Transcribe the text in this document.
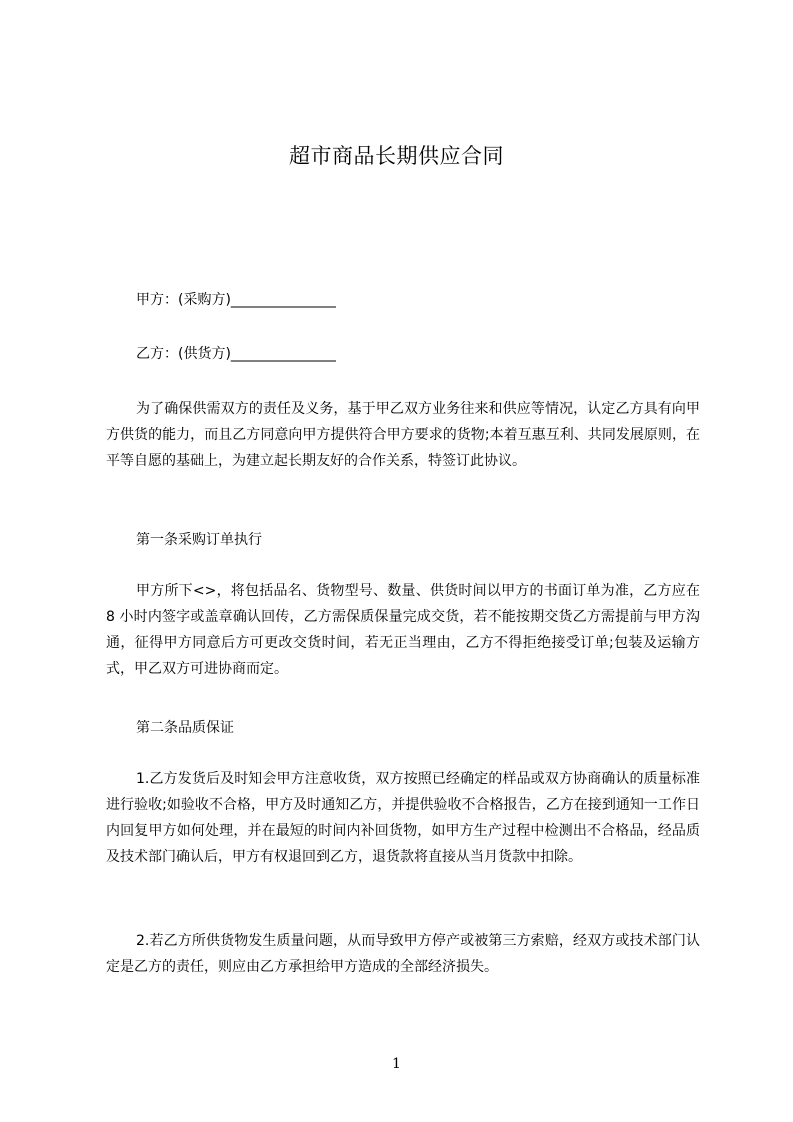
超市商品长期供应合同
甲方：(采购方)_______________
乙方：(供货方)_______________
为了确保供需双方的责任及义务，基于甲乙双方业务往来和供应等情况，认定乙方具有向甲方供货的能力，而且乙方同意向甲方提供符合甲方要求的货物;本着互惠互利、共同发展原则，在平等自愿的基础上，为建立起长期友好的合作关系，特签订此协议。
第一条采购订单执行
甲方所下<>，将包括品名、货物型号、数量、供货时间以甲方的书面订单为准，乙方应在 8 小时内签字或盖章确认回传，乙方需保质保量完成交货，若不能按期交货乙方需提前与甲方沟通，征得甲方同意后方可更改交货时间，若无正当理由，乙方不得拒绝接受订单;包装及运输方式，甲乙双方可进协商而定。
第二条品质保证
1.乙方发货后及时知会甲方注意收货，双方按照已经确定的样品或双方协商确认的质量标准进行验收;如验收不合格，甲方及时通知乙方，并提供验收不合格报告，乙方在接到通知一工作日内回复甲方如何处理，并在最短的时间内补回货物，如甲方生产过程中检测出不合格品，经品质及技术部门确认后，甲方有权退回到乙方，退货款将直接从当月货款中扣除。
2.若乙方所供货物发生质量问题，从而导致甲方停产或被第三方索赔，经双方或技术部门认定是乙方的责任，则应由乙方承担给甲方造成的全部经济损失。
1
